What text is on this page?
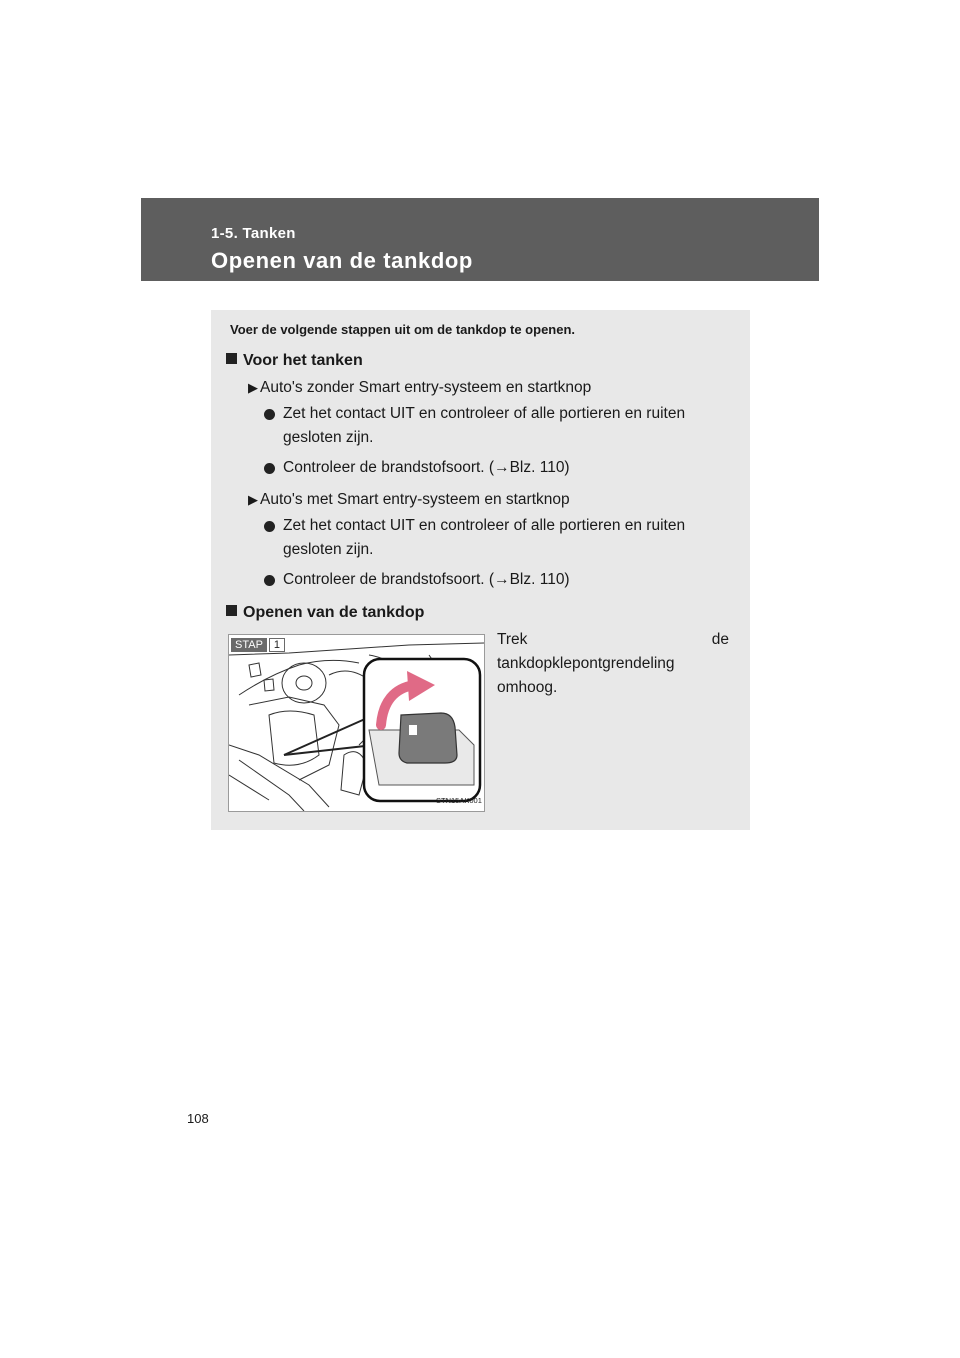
1-5. Tanken
Openen van de tankdop
Voer de volgende stappen uit om de tankdop te openen.
Voor het tanken
▶ Auto's zonder Smart entry-systeem en startknop
Zet het contact UIT en controleer of alle portieren en ruiten gesloten zijn.
Controleer de brandstofsoort. (→Blz. 110)
▶ Auto's met Smart entry-systeem en startknop
Zet het contact UIT en controleer of alle portieren en ruiten gesloten zijn.
Controleer de brandstofsoort. (→Blz. 110)
Openen van de tankdop
STN15AK001
STAP	1	Trek de tankdopklepontgrendeling omhoog.
108
